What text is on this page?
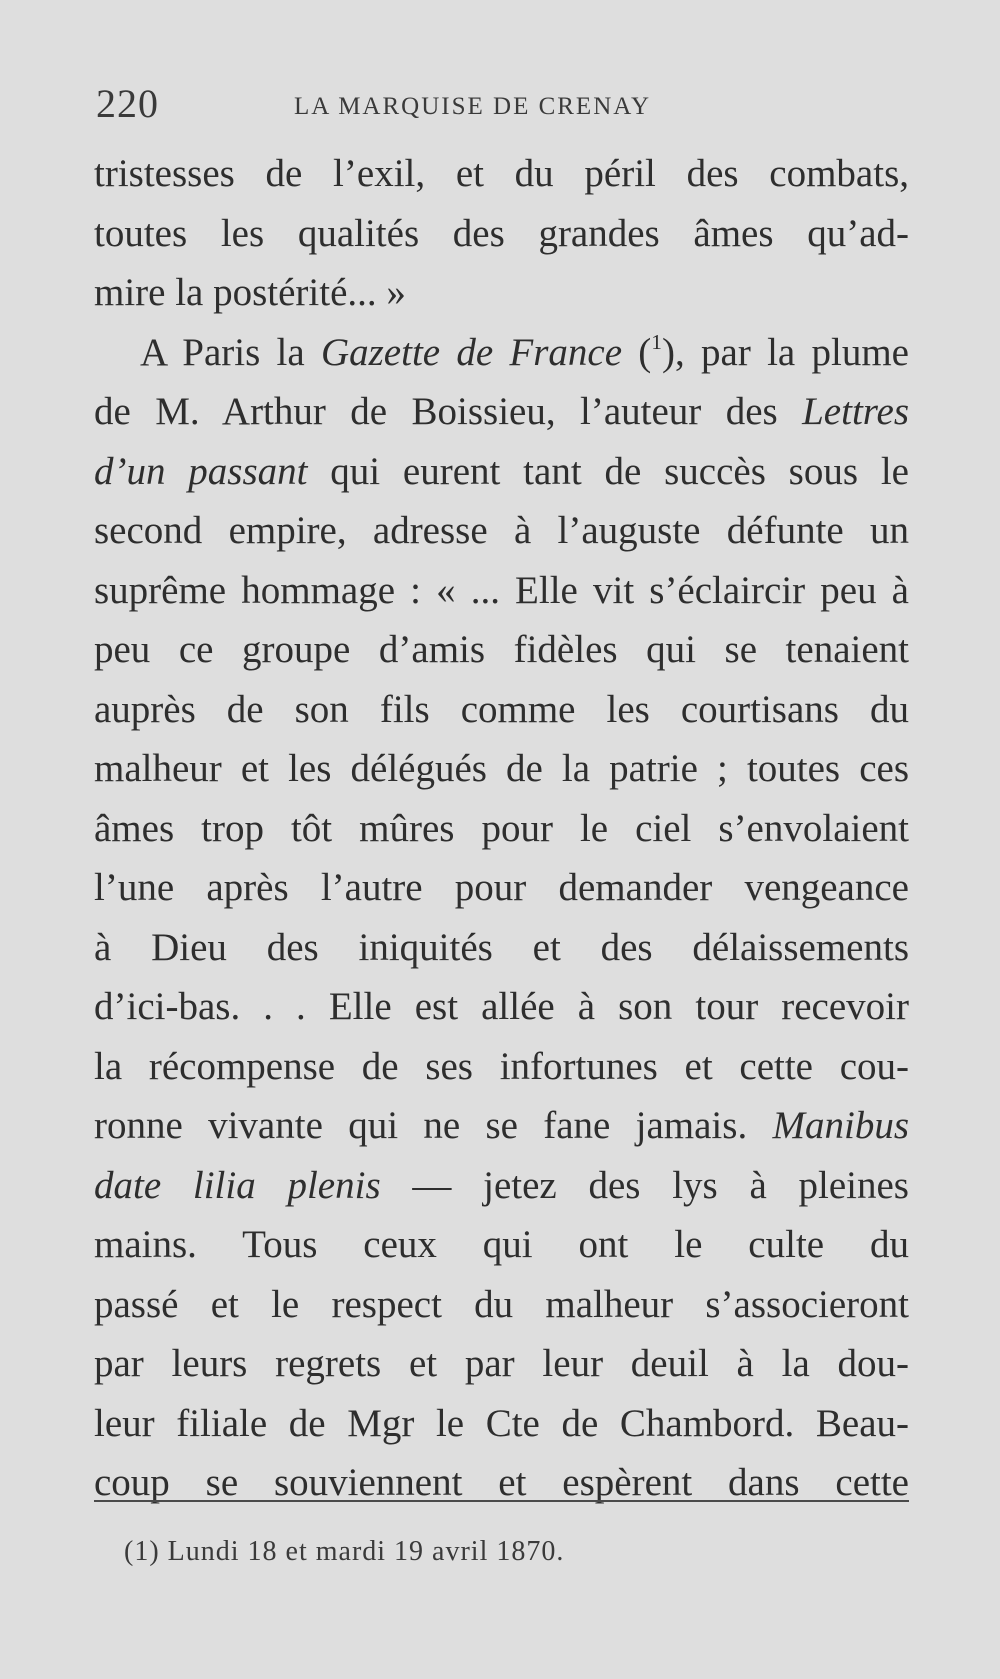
220	LA MARQUISE DE CRENAY
tristesses de l’exil, et du péril des combats,
toutes les qualités des grandes âmes qu’ad-
mire la postérité... »
A Paris la Gazette de France ($^1$), par la plume
de M. Arthur de Boissieu, l’auteur des Lettres
d’un passant qui eurent tant de succès sous le
second empire, adresse à l’auguste défunte un
suprême hommage : « ... Elle vit s’éclaircir peu à
peu ce groupe d’amis fidèles qui se tenaient
auprès de son fils comme les courtisans du
malheur et les délégués de la patrie ; toutes ces
âmes trop tôt mûres pour le ciel s’envolaient
l’une après l’autre pour demander vengeance
à Dieu des iniquités et des délaissements
d’ici-bas. . . Elle est allée à son tour recevoir
la récompense de ses infortunes et cette cou-
ronne vivante qui ne se fane jamais. Manibus
date lilia plenis — jetez des lys à pleines
mains. Tous ceux qui ont le culte du
passé et le respect du malheur s’associeront
par leurs regrets et par leur deuil à la dou-
leur filiale de Mgr le Cte de Chambord. Beau-
coup se souviennent et espèrent dans cette
(1) Lundi 18 et mardi 19 avril 1870.
